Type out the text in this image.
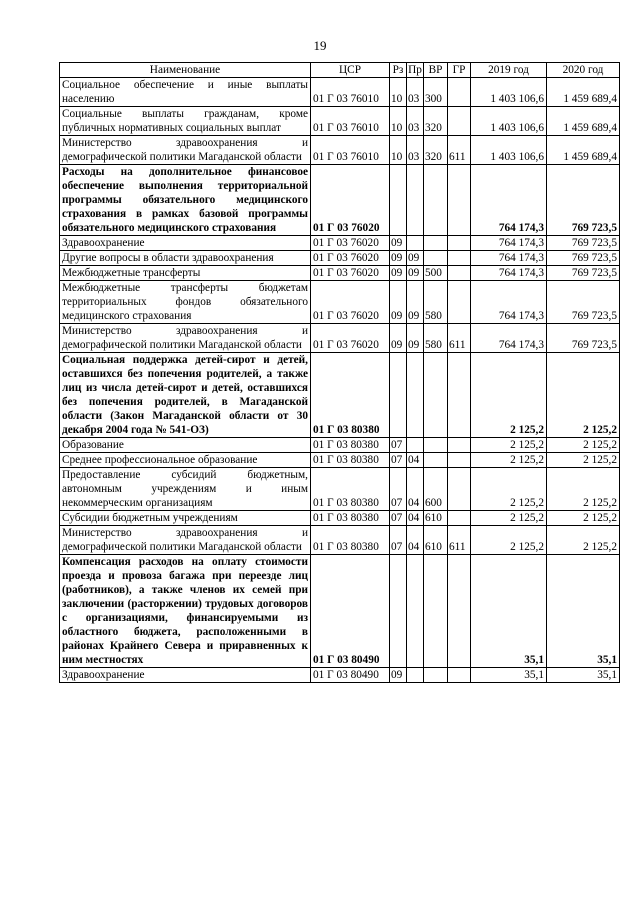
19
Наименование	ЦСР	Рз	Пр	ВР	ГР	2019 год	2020 год
Социальное обеспечение и иные выплаты населению	01 Г 03 76010	10	03	300		1 403 106,6	1 459 689,4
Социальные выплаты гражданам, кроме публичных нормативных социальных выплат	01 Г 03 76010	10	03	320		1 403 106,6	1 459 689,4
Министерство здравоохранения и демографической политики Магаданской области	01 Г 03 76010	10	03	320	611	1 403 106,6	1 459 689,4
Расходы на дополнительное финансовое обеспечение выполнения территориальной программы обязательного медицинского страхования в рамках базовой программы обязательного медицинского страхования	01 Г 03 76020					764 174,3	769 723,5
Здравоохранение	01 Г 03 76020	09				764 174,3	769 723,5
Другие вопросы в области здравоохранения	01 Г 03 76020	09	09			764 174,3	769 723,5
Межбюджетные трансферты	01 Г 03 76020	09	09	500		764 174,3	769 723,5
Межбюджетные трансферты бюджетам территориальных фондов обязательного медицинского страхования	01 Г 03 76020	09	09	580		764 174,3	769 723,5
Министерство здравоохранения и демографической политики Магаданской области	01 Г 03 76020	09	09	580	611	764 174,3	769 723,5
Социальная поддержка детей-сирот и детей, оставшихся без попечения родителей, а также лиц из числа детей-сирот и детей, оставшихся без попечения родителей, в Магаданской области (Закон Магаданской области от 30 декабря 2004 года № 541-ОЗ)	01 Г 03 80380					2 125,2	2 125,2
Образование	01 Г 03 80380	07				2 125,2	2 125,2
Среднее профессиональное образование	01 Г 03 80380	07	04			2 125,2	2 125,2
Предоставление субсидий бюджетным, автономным учреждениям и иным некоммерческим организациям	01 Г 03 80380	07	04	600		2 125,2	2 125,2
Субсидии бюджетным учреждениям	01 Г 03 80380	07	04	610		2 125,2	2 125,2
Министерство здравоохранения и демографической политики Магаданской области	01 Г 03 80380	07	04	610	611	2 125,2	2 125,2
Компенсация расходов на оплату стоимости проезда и провоза багажа при переезде лиц (работников), а также членов их семей при заключении (расторжении) трудовых договоров с организациями, финансируемыми из областного бюджета, расположенными в районах Крайнего Севера и приравненных к ним местностях	01 Г 03 80490					35,1	35,1
Здравоохранение	01 Г 03 80490	09				35,1	35,1
